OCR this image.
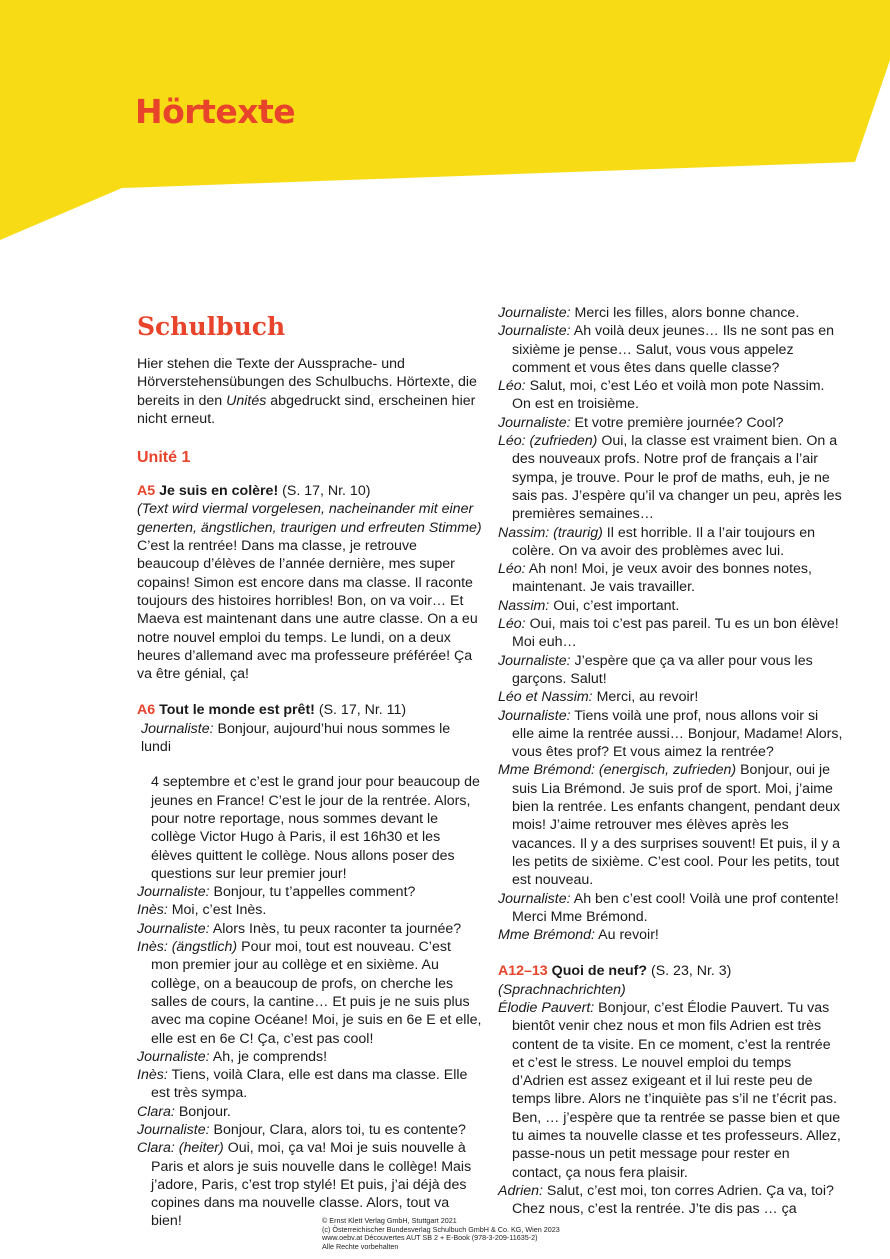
Hörtexte
Schulbuch

Hier stehen die Texte der Aussprache- und Hörverstehensübungen des Schulbuchs. Hörtexte, die bereits in den Unités abgedruckt sind, erscheinen hier nicht erneut.

Unité 1

A5 Je suis en colère! (S. 17, Nr. 10)

(Text wird viermal vorgelesen, nacheinander mit einer generten, ängstlichen, traurigen und erfreuten Stimme)

C’est la rentrée! Dans ma classe, je retrouve beaucoup d’élèves de l’année dernière, mes super copains! Simon est encore dans ma classe. Il raconte toujours des histoires horribles! Bon, on va voir… Et Maeva est maintenant dans une autre classe. On a eu notre nouvel emploi du temps. Le lundi, on a deux heures d’allemand avec ma professeure préférée! Ça va être génial, ça!

A6 Tout le monde est prêt! (S. 17, Nr. 11)

Journaliste: Bonjour, aujourd’hui nous sommes le lundi

4 septembre et c’est le grand jour pour beaucoup de jeunes en France! C’est le jour de la rentrée. Alors, pour notre reportage, nous sommes devant le collège Victor Hugo à Paris, il est 16h30 et les élèves quittent le collège. Nous allons poser des questions sur leur premier jour!

Journaliste: Bonjour, tu t’appelles comment?

Inès: Moi, c’est Inès.

Journaliste: Alors Inès, tu peux raconter ta journée?

Inès: (ängstlich) Pour moi, tout est nouveau. C’est mon premier jour au collège et en sixième. Au collège, on a beaucoup de profs, on cherche les salles de cours, la cantine… Et puis je ne suis plus avec ma copine Océane! Moi, je suis en 6e E et elle, elle est en 6e C! Ça, c’est pas cool!

Journaliste: Ah, je comprends!

Inès: Tiens, voilà Clara, elle est dans ma classe. Elle est très sympa.

Clara: Bonjour.

Journaliste: Bonjour, Clara, alors toi, tu es contente?

Clara: (heiter) Oui, moi, ça va! Moi je suis nouvelle à Paris et alors je suis nouvelle dans le collège! Mais j’adore, Paris, c’est trop stylé! Et puis, j’ai déjà des copines dans ma nouvelle classe. Alors, tout va bien!

Journaliste: Merci les filles, alors bonne chance.

Journaliste: Ah voilà deux jeunes… Ils ne sont pas en sixième je pense… Salut, vous vous appelez comment et vous êtes dans quelle classe?

Léo: Salut, moi, c’est Léo et voilà mon pote Nassim. On est en troisième.

Journaliste: Et votre première journée? Cool?

Léo: (zufrieden) Oui, la classe est vraiment bien. On a des nouveaux profs. Notre prof de français a l’air sympa, je trouve. Pour le prof de maths, euh, je ne sais pas. J’espère qu’il va changer un peu, après les premières semaines…

Nassim: (traurig) Il est horrible. Il a l’air toujours en colère. On va avoir des problèmes avec lui.

Léo: Ah non! Moi, je veux avoir des bonnes notes, maintenant. Je vais travailler.

Nassim: Oui, c’est important.

Léo: Oui, mais toi c’est pas pareil. Tu es un bon élève! Moi euh…

Journaliste: J’espère que ça va aller pour vous les garçons. Salut!

Léo et Nassim: Merci, au revoir!

Journaliste: Tiens voilà une prof, nous allons voir si elle aime la rentrée aussi… Bonjour, Madame! Alors, vous êtes prof? Et vous aimez la rentrée?

Mme Brémond: (energisch, zufrieden) Bonjour, oui je suis Lia Brémond. Je suis prof de sport. Moi, j’aime bien la rentrée. Les enfants changent, pendant deux mois! J’aime retrouver mes élèves après les vacances. Il y a des surprises souvent! Et puis, il y a les petits de sixième. C’est cool. Pour les petits, tout est nouveau.

Journaliste: Ah ben c’est cool! Voilà une prof contente! Merci Mme Brémond.

Mme Brémond: Au revoir!

A12–13 Quoi de neuf? (S. 23, Nr. 3)

(Sprachnachrichten)

Élodie Pauvert: Bonjour, c’est Élodie Pauvert. Tu vas bientôt venir chez nous et mon fils Adrien est très content de ta visite. En ce moment, c’est la rentrée et c’est le stress. Le nouvel emploi du temps d’Adrien est assez exigeant et il lui reste peu de temps libre. Alors ne t’inquiète pas s’il ne t’écrit pas. Ben, … j’espère que ta rentrée se passe bien et que tu aimes ta nouvelle classe et tes professeurs. Allez, passe-nous un petit message pour rester en contact, ça nous fera plaisir.

Adrien: Salut, c’est moi, ton corres Adrien. Ça va, toi? Chez nous, c’est la rentrée. J’te dis pas … ça

© Ernst Klett Verlag GmbH, Stuttgart 2021
(c) Österreichischer Bundesverlag Schulbuch GmbH & Co. KG, Wien 2023
www.oebv.at Découvertes AUT SB 2 + E-Book (978-3-209-11635-2)
Alle Rechte vorbehalten
